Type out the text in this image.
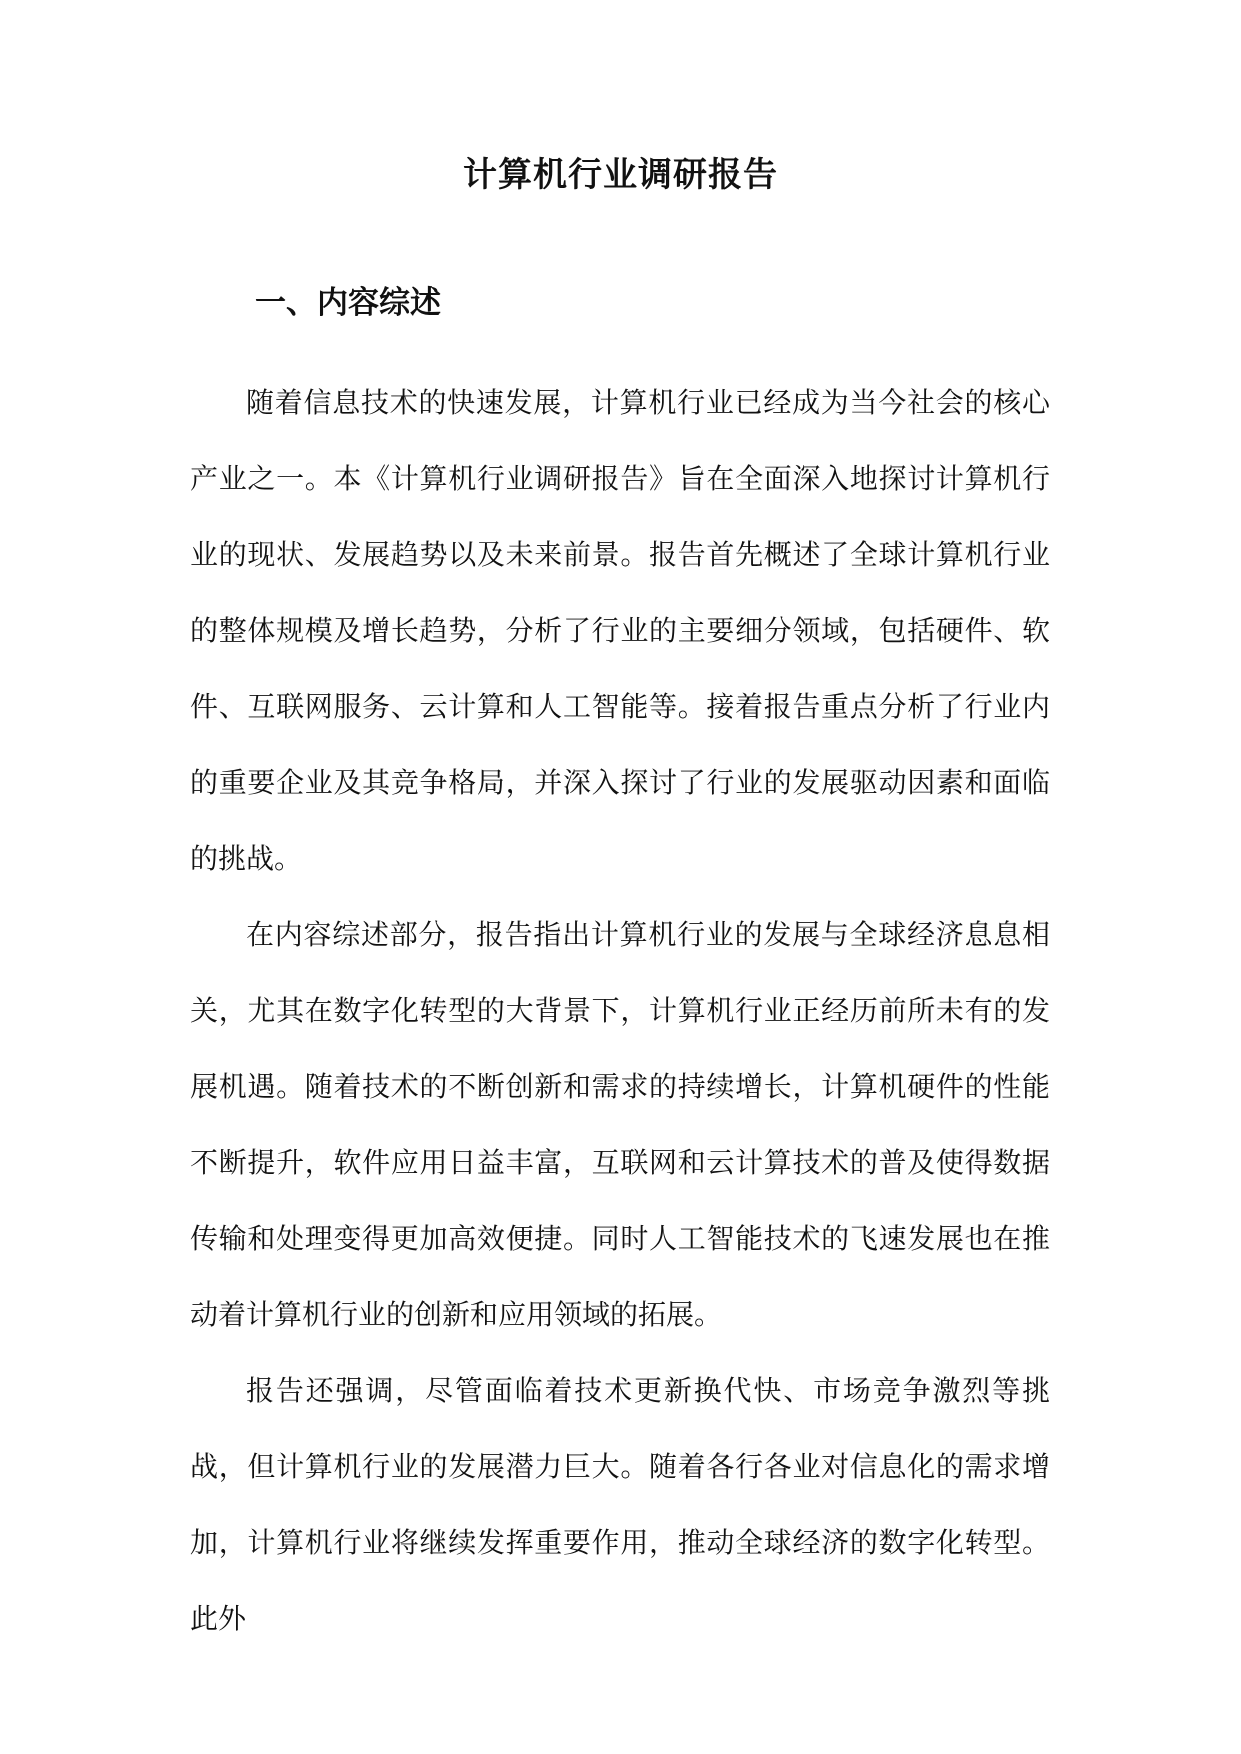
计算机行业调研报告
一、内容综述

随着信息技术的快速发展，计算机行业已经成为当今社会的核心产业之一。本《计算机行业调研报告》旨在全面深入地探讨计算机行业的现状、发展趋势以及未来前景。报告首先概述了全球计算机行业的整体规模及增长趋势，分析了行业的主要细分领域，包括硬件、软件、互联网服务、云计算和人工智能等。接着报告重点分析了行业内的重要企业及其竞争格局，并深入探讨了行业的发展驱动因素和面临的挑战。

在内容综述部分，报告指出计算机行业的发展与全球经济息息相关，尤其在数字化转型的大背景下，计算机行业正经历前所未有的发展机遇。随着技术的不断创新和需求的持续增长，计算机硬件的性能不断提升，软件应用日益丰富，互联网和云计算技术的普及使得数据传输和处理变得更加高效便捷。同时人工智能技术的飞速发展也在推动着计算机行业的创新和应用领域的拓展。

报告还强调，尽管面临着技术更新换代快、市场竞争激烈等挑战，但计算机行业的发展潜力巨大。随着各行各业对信息化的需求增加，计算机行业将继续发挥重要作用，推动全球经济的数字化转型。此外
